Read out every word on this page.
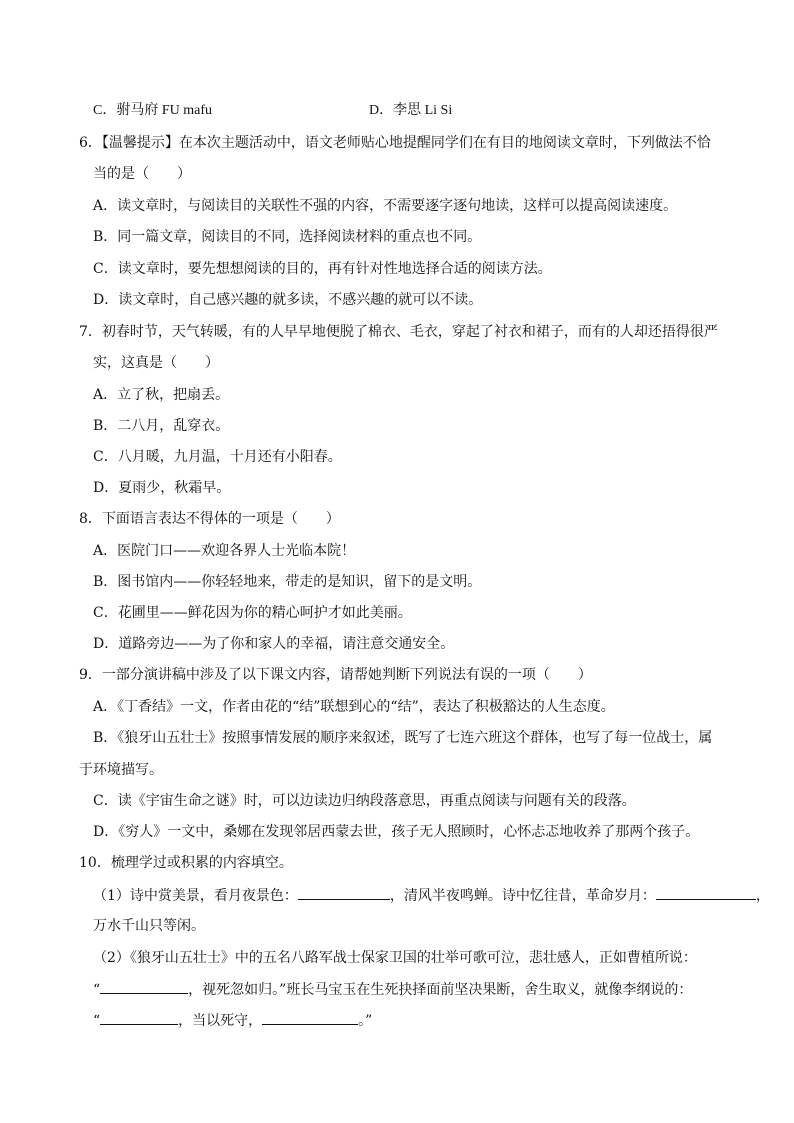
C．驸马府 FU mafu	D．李思 Li Si
6．【温馨提示】在本次主题活动中，语文老师贴心地提醒同学们在有目的地阅读文章时，下列做法不恰
当的是（　　）
A．读文章时，与阅读目的关联性不强的内容，不需要逐字逐句地读，这样可以提高阅读速度。
B．同一篇文章，阅读目的不同，选择阅读材料的重点也不同。
C．读文章时，要先想想阅读的目的，再有针对性地选择合适的阅读方法。
D．读文章时，自己感兴趣的就多读，不感兴趣的就可以不读。
7．初春时节，天气转暖，有的人早早地便脱了棉衣、毛衣，穿起了衬衣和裙子，而有的人却还捂得很严
实，这真是（　　）
A．立了秋，把扇丢。
B．二八月，乱穿衣。
C．八月暖，九月温，十月还有小阳春。
D．夏雨少，秋霜早。
8．下面语言表达不得体的一项是（　　）
A．医院门口——欢迎各界人士光临本院！
B．图书馆内——你轻轻地来，带走的是知识，留下的是文明。
C．花圃里——鲜花因为你的精心呵护才如此美丽。
D．道路旁边——为了你和家人的幸福，请注意交通安全。
9．一部分演讲稿中涉及了以下课文内容，请帮她判断下列说法有误的一项（　　）
A．《丁香结》一文，作者由花的“结”联想到心的“结”，表达了积极豁达的人生态度。
B．《狼牙山五壮士》按照事情发展的顺序来叙述，既写了七连六班这个群体，也写了每一位战士，属
于环境描写。
C．读《宇宙生命之谜》时，可以边读边归纳段落意思，再重点阅读与问题有关的段落。
D．《穷人》一文中，桑娜在发现邻居西蒙去世，孩子无人照顾时，心怀忐忑地收养了那两个孩子。
10．梳理学过或积累的内容填空。
（1）诗中赏美景，看月夜景色：	，清风半夜鸣蝉。诗中忆往昔，革命岁月：	，
万水千山只等闲。
（2）《狼牙山五壮士》中的五名八路军战士保家卫国的壮举可歌可泣，悲壮感人，正如曹植所说：
“	，视死忽如归。”班长马宝玉在生死抉择面前坚决果断，舍生取义，就像李纲说的：
“	，当以死守，	。”
